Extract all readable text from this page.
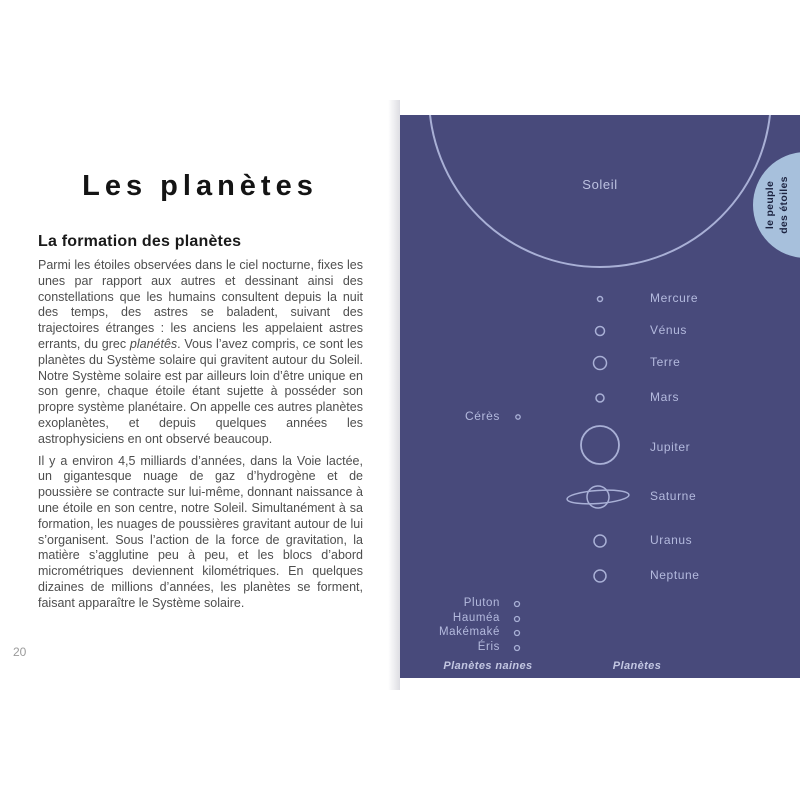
Les planètes
La formation des planètes

Parmi les étoiles observées dans le ciel nocturne, fixes les unes par rapport aux autres et dessinant ainsi des constellations que les humains consultent depuis la nuit des temps, des astres se baladent, suivant des trajectoires étranges : les anciens les appelaient astres errants, du grec planétês. Vous l’avez compris, ce sont les planètes du Système solaire qui gravitent autour du Soleil. Notre Système solaire est par ailleurs loin d’être unique en son genre, chaque étoile étant sujette à posséder son propre système planétaire. On appelle ces autres planètes exoplanètes, et depuis quelques années les astrophysiciens en ont observé beaucoup.

Il y a environ 4,5 milliards d’années, dans la Voie lactée, un gigantesque nuage de gaz d’hydrogène et de poussière se contracte sur lui-même, donnant naissance à une étoile en son centre, notre Soleil. Simultanément à sa formation, les nuages de poussières gravitant autour de lui s’organisent. Sous l’action de la force de gravitation, la matière s’agglutine peu à peu, et les blocs d’abord micrométriques deviennent kilométriques. En quelques dizaines de millions d’années, les planètes se forment, faisant apparaître le Système solaire.

20
Soleil
Mercure
Vénus
Terre
Mars
Jupiter
Saturne
Uranus
Neptune
Cérès
Pluton
Hauméa
Makémaké
Éris
Planètes naines	Planètes
le peuple des étoiles
